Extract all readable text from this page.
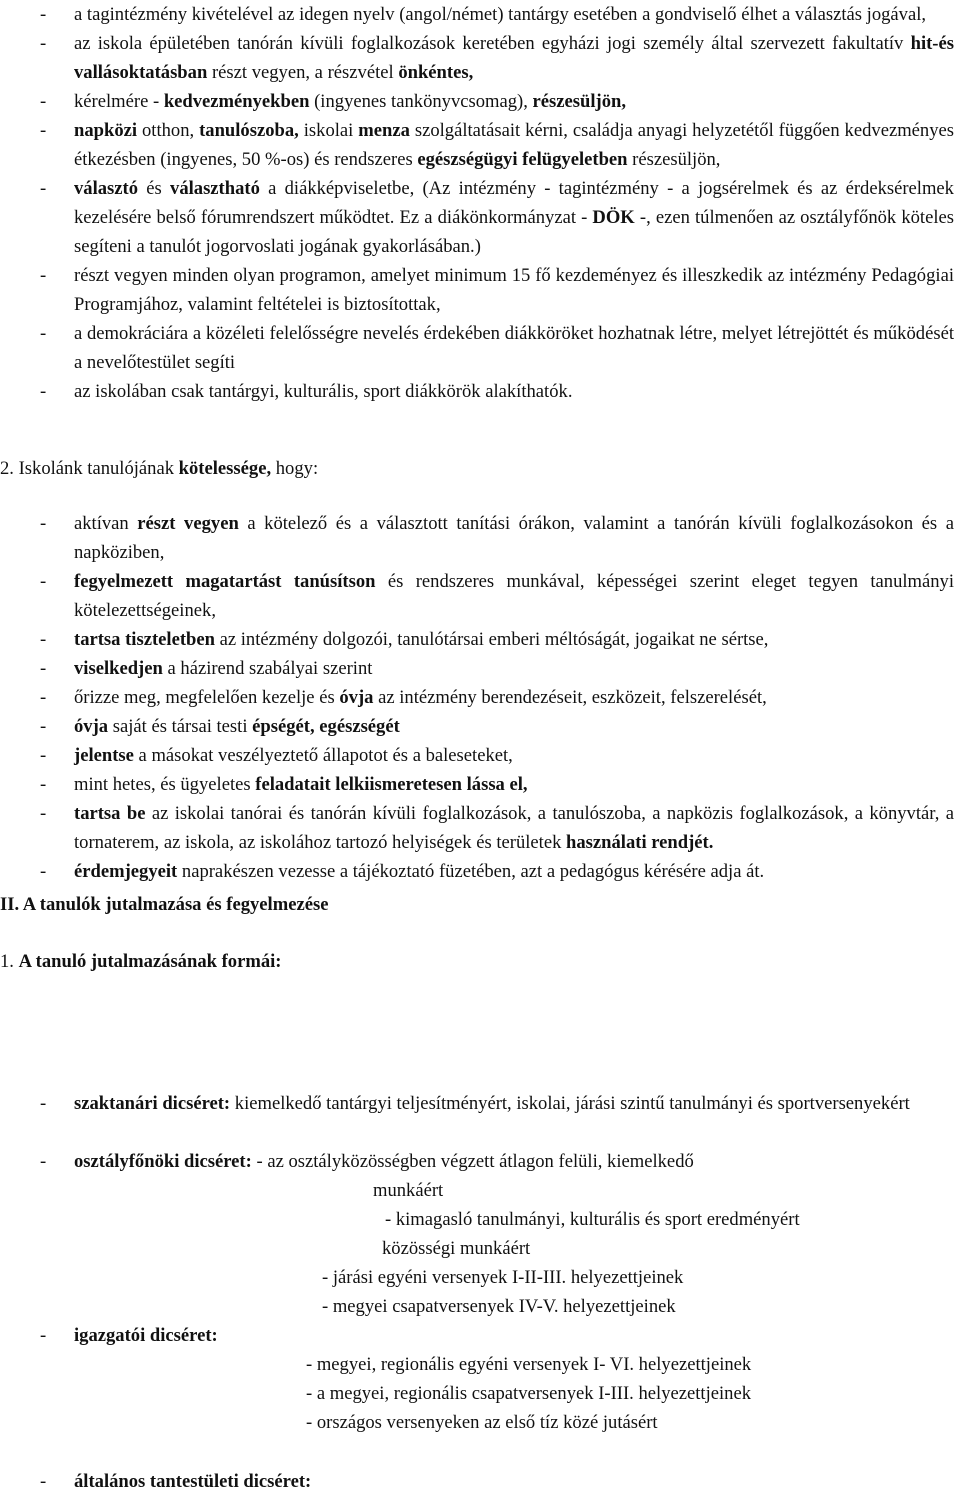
- a tagintézmény kivételével az idegen nyelv (angol/német) tantárgy esetében a gondviselő élhet a választás jogával,
- az iskola épületében tanórán kívüli foglalkozások keretében egyházi jogi személy által szervezett fakultatív hit-és vallásoktatásban részt vegyen, a részvétel önkéntes,
- kérelmére - kedvezményekben (ingyenes tankönyvcsomag), részesüljön,
- napközi otthon, tanulószoba, iskolai menza szolgáltatásait kérni, családja anyagi helyzetétől függően kedvezményes étkezésben (ingyenes, 50 %-os) és rendszeres egészségügyi felügyeletben részesüljön,
- választó és választható a diákképviseletbe, (Az intézmény - tagintézmény - a jogsérelmek és az érdeksérelmek kezelésére belső fórumrendszert működtet. Ez a diákönkormányzat - DÖK -, ezen túlmenően az osztályfőnök köteles segíteni a tanulót jogorvoslati jogának gyakorlásában.)
- részt vegyen minden olyan programon, amelyet minimum 15 fő kezdeményez és illeszkedik az intézmény Pedagógiai Programjához, valamint feltételei is biztosítottak,
- a demokráciára a közéleti felelősségre nevelés érdekében diákköröket hozhatnak létre, melyet létrejöttét és működését a nevelőtestület segíti
- az iskolában csak tantárgyi, kulturális, sport diákkörök alakíthatók.
2. Iskolánk tanulójának kötelessége, hogy:
- aktívan részt vegyen a kötelező és a választott tanítási órákon, valamint a tanórán kívüli foglalkozásokon és a napköziben,
- fegyelmezett magatartást tanúsítson és rendszeres munkával, képességei szerint eleget tegyen tanulmányi kötelezettségeinek,
- tartsa tiszteletben az intézmény dolgozói, tanulótársai emberi méltóságát, jogaikat ne sértse,
- viselkedjen a házirend szabályai szerint
- őrizze meg, megfelelően kezelje és óvja az intézmény berendezéseit, eszközeit, felszerelését,
- óvja saját és társai testi épségét, egészségét
- jelentse a másokat veszélyeztető állapotot és a baleseteket,
- mint hetes, és ügyeletes feladatait lelkiismeretesen lássa el,
- tartsa be az iskolai tanórai és tanórán kívüli foglalkozások, a tanulószoba, a napközis foglalkozások, a könyvtár, a tornaterem, az iskola, az iskolához tartozó helyiségek és területek használati rendjét.
- érdemjegyeit naprakészen vezesse a tájékoztató füzetében, azt a pedagógus kérésére adja át.
II. A tanulók jutalmazása és fegyelmezése
1. A tanuló jutalmazásának formái:
- szaktanári dicséret: kiemelkedő tantárgyi teljesítményért, iskolai, járási szintű tanulmányi és sportversenyekért
- osztályfőnöki dicséret: - az osztályközösségben végzett átlagon felüli, kiemelkedő
munkáért
- kimagasló tanulmányi, kulturális és sport eredményért
közösségi munkáért
- járási egyéni versenyek I-II-III. helyezettjeinek
- megyei csapatversenyek IV-V. helyezettjeinek
- igazgatói dicséret:
- megyei, regionális egyéni versenyek I- VI. helyezettjeinek
- a megyei, regionális csapatversenyek I-III. helyezettjeinek
- országos versenyeken az első tíz közé jutásért
- általános tantestületi dicséret:
